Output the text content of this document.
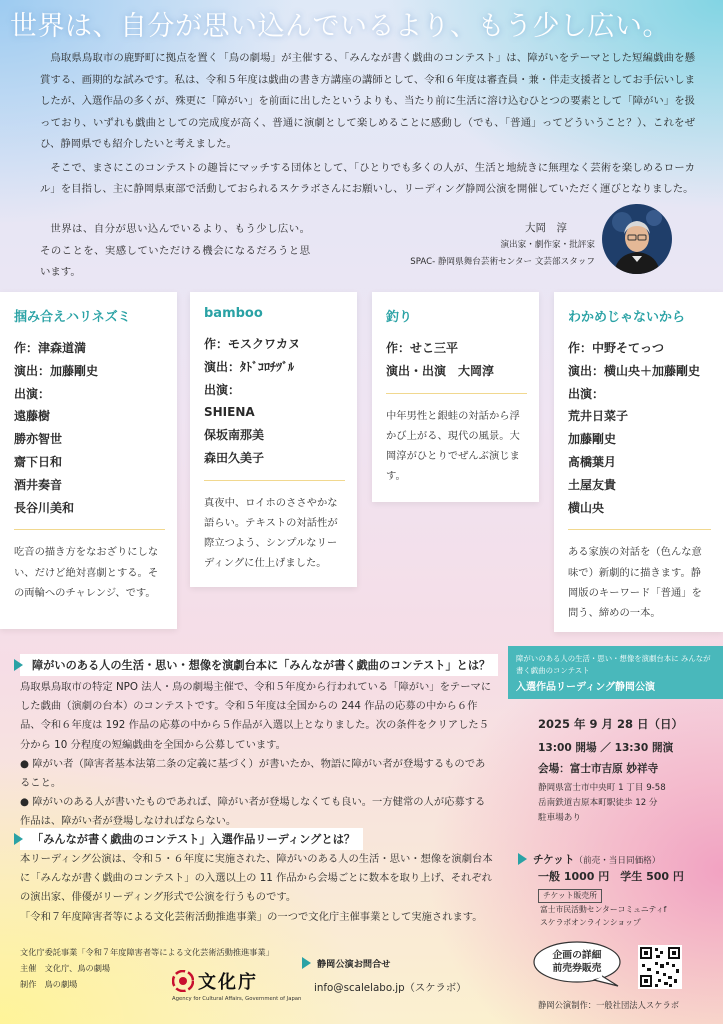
世界は、自分が思い込んでいるより、もう少し広い。

鳥取県鳥取市の鹿野町に拠点を置く「鳥の劇場」が主催する、「みんなが書く戯曲のコンテスト」は、障がいをテーマとした短編戯曲を懸賞する、画期的な試みです。私は、令和５年度は戯曲の書き方講座の講師として、令和６年度は審査員・兼・伴走支援者としてお手伝いしましたが、入選作品の多くが、殊更に「障がい」を前面に出したというよりも、当たり前に生活に溶け込むひとつの要素として「障がい」を扱っており、いずれも戯曲としての完成度が高く、普通に演劇として楽しめることに感動し（でも、「普通」ってどういうこと？）、これをぜひ、静岡県でも紹介したいと考えました。

そこで、まさにこのコンテストの趣旨にマッチする団体として、「ひとりでも多くの人が、生活と地続きに無理なく芸術を楽しめるローカル」を目指し、主に静岡県東部で活動しておられるスケラボさんにお願いし、リーディング静岡公演を開催していただく運びとなりました。

世界は、自分が思い込んでいるより、もう少し広い。そのことを、実感していただける機会になるだろうと思います。

大岡　淳
演出家・劇作家・批評家
SPAC- 静岡県舞台芸術センター 文芸部スタッフ
掴み合えハリネズミ
作：津森道満
演出：加藤剛史
出演：
遠藤樹
勝亦智世
齋下日和
酒井奏音
長谷川美和
吃音の描き方をなおざりにしない、だけど絶対喜劇とする。その両輪へのチャレンジ、です。
bamboo
作：モスクワカヌ
演出：ﾀﾄﾞｺﾛﾁﾂﾞﾙ
出演：
SHIENA
保坂南那美
森田久美子
真夜中、ロイホのささやかな語らい。テキストの対話性が際立つよう、シンプルなリーディングに仕上げました。
釣り
作：せこ三平
演出・出演　大岡淳
中年男性と銀蛙の対話から浮かび上がる、現代の風景。大岡淳がひとりでぜんぶ演じます。
わかめじゃないから
作：中野そてっつ
演出：横山央＋加藤剛史
出演：
荒井日菜子
加藤剛史
髙橋葉月
土屋友貴
横山央
ある家族の対話を（色んな意味で）新劇的に描きます。静岡版のキーワード「普通」を問う、締めの一本。
障がいのある人の生活・思い・想像を演劇台本に「みんなが書く戯曲のコンテスト」とは？
鳥取県鳥取市の特定 NPO 法人・鳥の劇場主催で、令和５年度から行われている「障がい」をテーマにした戯曲（演劇の台本）のコンテストです。令和５年度は全国からの 244 作品の応募の中から６作品、令和６年度は 192 作品の応募の中から５作品が入選以上となりました。次の条件をクリアした５分から 10 分程度の短編戯曲を全国から公募しています。
● 障がい者（障害者基本法第二条の定義に基づく）が書いたか、物語に障がい者が登場するものであること。
● 障がいのある人が書いたものであれば、障がい者が登場しなくても良い。一方健常の人が応募する作品は、障がい者が登場しなければならない。
「みんなが書く戯曲のコンテスト」入選作品リーディングとは？
本リーディング公演は、令和５・６年度に実施された、障がいのある人の生活・思い・想像を演劇台本に「みんなが書く戯曲のコンテスト」の入選以上の 11 作品から会場ごとに数本を取り上げ、それぞれの演出家、俳優がリーディング形式で公演を行うものです。
「令和７年度障害者等による文化芸術活動推進事業」の一つで文化庁主催事業として実施されます。
障がいのある人の生活・思い・想像を演劇台本に みんなが書く戯曲のコンテスト
入選作品リーディング静岡公演
2025 年 9 月 28 日（日）
13:00 開場 ／ 13:30 開演
会場：富士市吉原 妙祥寺
静岡県富士市中央町 1 丁目 9-58
岳南鉄道吉原本町駅徒歩 12 分
駐車場あり
チケット（前売・当日同価格）
一般 1000 円　学生 500 円
チケット販売所
富士市民活動センターコミュニティf
スケラボオンラインショップ
企画の詳細
前売券販売
静岡公演制作：一般社団法人スケラボ
文化庁委託事業「令和７年度障害者等による文化芸術活動推進事業」
主催　文化庁、鳥の劇場
制作　鳥の劇場	文化庁
Agency for Cultural Affairs, Government of Japan
静岡公演お問合せ
info@scalelabo.jp（スケラボ）
